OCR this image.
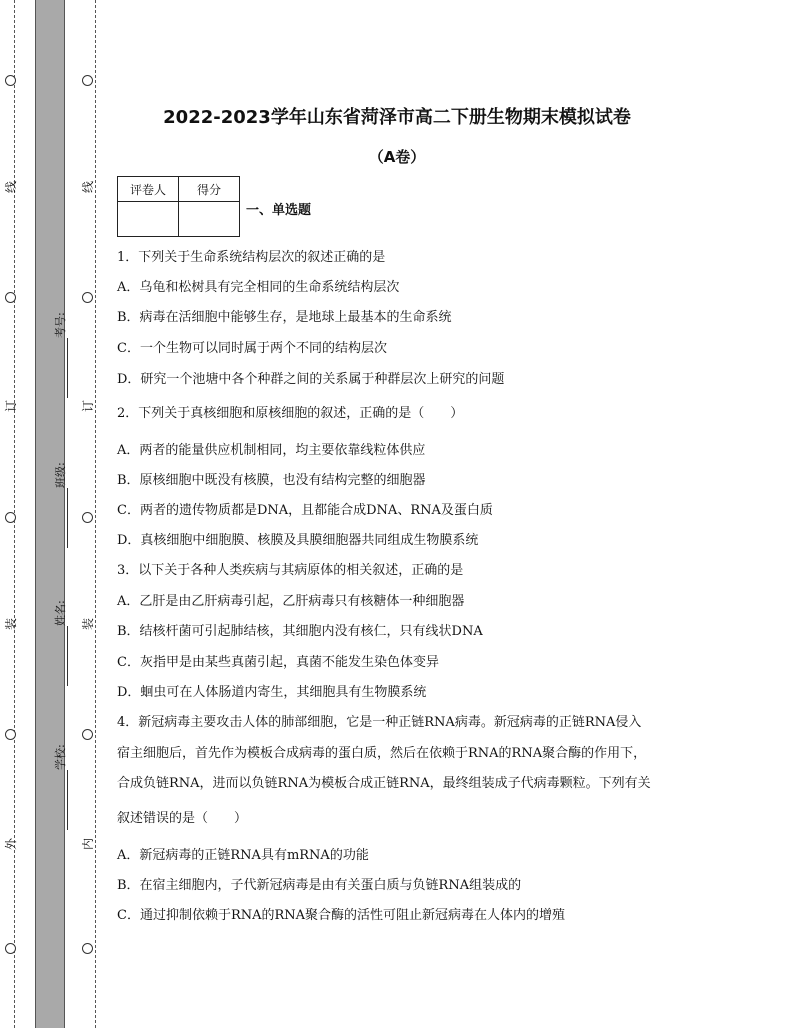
线
订
装
外
线
订
装
内
考号:
班级:
姓名:
学校:
2022-2023学年山东省菏泽市高二下册生物期末模拟试卷
（A卷）
评卷人	得分

一、单选题
1．下列关于生命系统结构层次的叙述正确的是
A．乌龟和松树具有完全相同的生命系统结构层次
B．病毒在活细胞中能够生存，是地球上最基本的生命系统
C．一个生物可以同时属于两个不同的结构层次
D．研究一个池塘中各个种群之间的关系属于种群层次上研究的问题
2．下列关于真核细胞和原核细胞的叙述，正确的是（　　）
A．两者的能量供应机制相同，均主要依靠线粒体供应
B．原核细胞中既没有核膜，也没有结构完整的细胞器
C．两者的遗传物质都是DNA，且都能合成DNA、RNA及蛋白质
D．真核细胞中细胞膜、核膜及具膜细胞器共同组成生物膜系统
3．以下关于各种人类疾病与其病原体的相关叙述，正确的是
A．乙肝是由乙肝病毒引起，乙肝病毒只有核糖体一种细胞器
B．结核杆菌可引起肺结核，其细胞内没有核仁，只有线状DNA
C．灰指甲是由某些真菌引起，真菌不能发生染色体变异
D．蛔虫可在人体肠道内寄生，其细胞具有生物膜系统
4．新冠病毒主要攻击人体的肺部细胞，它是一种正链RNA病毒。新冠病毒的正链RNA侵入
宿主细胞后，首先作为模板合成病毒的蛋白质，然后在依赖于RNA的RNA聚合酶的作用下，
合成负链RNA，进而以负链RNA为模板合成正链RNA，最终组装成子代病毒颗粒。下列有关
叙述错误的是（　　）
A．新冠病毒的正链RNA具有mRNA的功能
B．在宿主细胞内，子代新冠病毒是由有关蛋白质与负链RNA组装成的
C．通过抑制依赖于RNA的RNA聚合酶的活性可阻止新冠病毒在人体内的增殖
